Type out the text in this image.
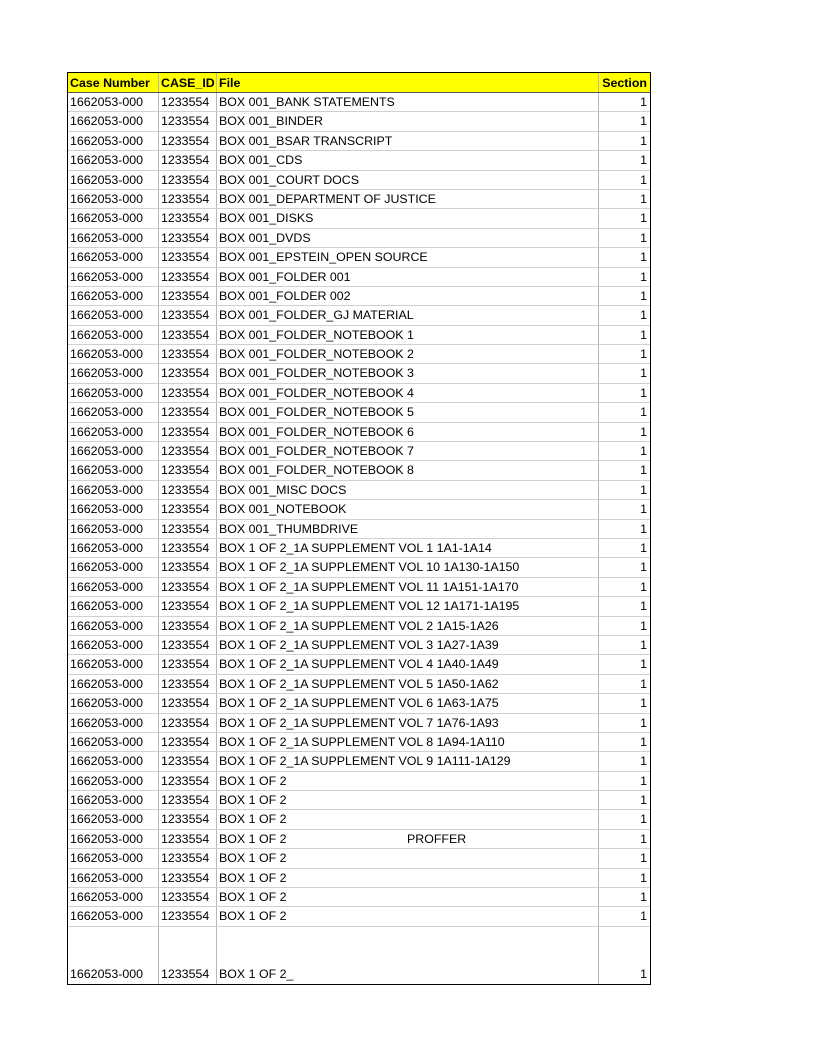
Case Number CASE_ID File	Section
1662053-000	1233554 BOX 001_BANK STATEMENTS	1
1662053-000	1233554 BOX 001_BINDER	1
1662053-000	1233554 BOX 001_BSAR TRANSCRIPT	1
1662053-000	1233554 BOX 001_CDS	1
1662053-000	1233554 BOX 001_COURT DOCS	1
1662053-000	1233554 BOX 001_DEPARTMENT OF JUSTICE	1
1662053-000	1233554 BOX 001_DISKS	1
1662053-000	1233554 BOX 001_DVDS	1
1662053-000	1233554 BOX 001_EPSTEIN_OPEN SOURCE	1
1662053-000	1233554 BOX 001_FOLDER 001	1
1662053-000	1233554 BOX 001_FOLDER 002	1
1662053-000	1233554 BOX 001_FOLDER_GJ MATERIAL	1
1662053-000	1233554 BOX 001_FOLDER_NOTEBOOK 1	1
1662053-000	1233554 BOX 001_FOLDER_NOTEBOOK 2	1
1662053-000	1233554 BOX 001_FOLDER_NOTEBOOK 3	1
1662053-000	1233554 BOX 001_FOLDER_NOTEBOOK 4	1
1662053-000	1233554 BOX 001_FOLDER_NOTEBOOK 5	1
1662053-000	1233554 BOX 001_FOLDER_NOTEBOOK 6	1
1662053-000	1233554 BOX 001_FOLDER_NOTEBOOK 7	1
1662053-000	1233554 BOX 001_FOLDER_NOTEBOOK 8	1
1662053-000	1233554 BOX 001_MISC DOCS	1
1662053-000	1233554 BOX 001_NOTEBOOK	1
1662053-000	1233554 BOX 001_THUMBDRIVE	1
1662053-000	1233554 BOX 1 OF 2_1A SUPPLEMENT VOL 1 1A1-1A14	1
1662053-000	1233554 BOX 1 OF 2_1A SUPPLEMENT VOL 10 1A130-1A150	1
1662053-000	1233554 BOX 1 OF 2_1A SUPPLEMENT VOL 11 1A151-1A170	1
1662053-000	1233554 BOX 1 OF 2_1A SUPPLEMENT VOL 12 1A171-1A195	1
1662053-000	1233554 BOX 1 OF 2_1A SUPPLEMENT VOL 2 1A15-1A26	1
1662053-000	1233554 BOX 1 OF 2_1A SUPPLEMENT VOL 3 1A27-1A39	1
1662053-000	1233554 BOX 1 OF 2_1A SUPPLEMENT VOL 4 1A40-1A49	1
1662053-000	1233554 BOX 1 OF 2_1A SUPPLEMENT VOL 5 1A50-1A62	1
1662053-000	1233554 BOX 1 OF 2_1A SUPPLEMENT VOL 6 1A63-1A75	1
1662053-000	1233554 BOX 1 OF 2_1A SUPPLEMENT VOL 7 1A76-1A93	1
1662053-000	1233554 BOX 1 OF 2_1A SUPPLEMENT VOL 8 1A94-1A110	1
1662053-000	1233554 BOX 1 OF 2_1A SUPPLEMENT VOL 9 1A111-1A129	1
1662053-000	1233554 BOX 1 OF 2	1
1662053-000	1233554 BOX 1 OF 2	1
1662053-000	1233554 BOX 1 OF 2	1
1662053-000	1233554 BOX 1 OF 2	PROFFER	1
1662053-000	1233554 BOX 1 OF 2	1
1662053-000	1233554 BOX 1 OF 2	1
1662053-000	1233554 BOX 1 OF 2	1
1662053-000	1233554 BOX 1 OF 2	1
1662053-000	1233554 BOX 1 OF 2_	1
